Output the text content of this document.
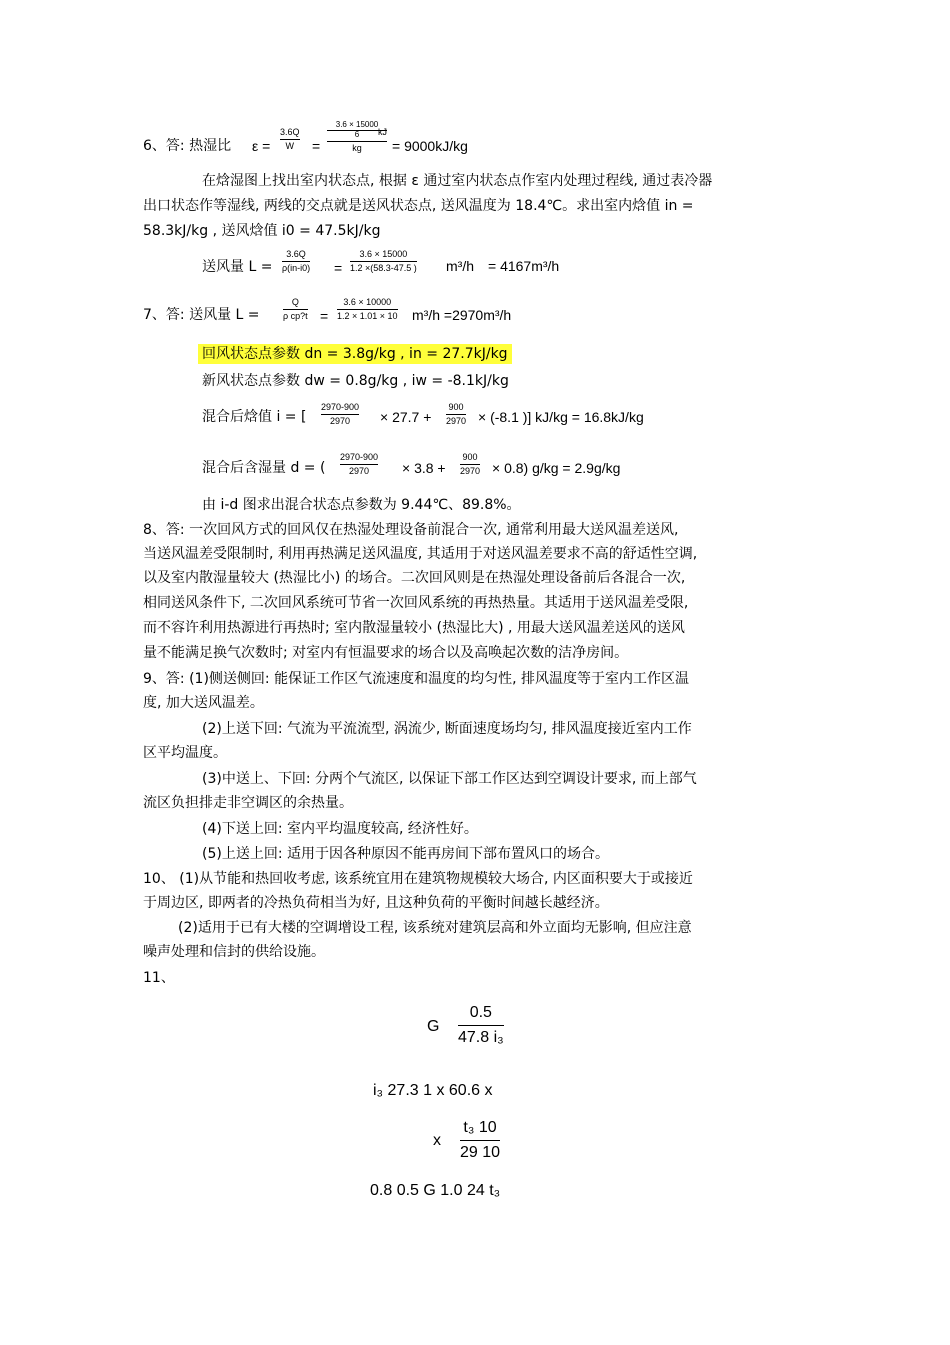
6、答: 热湿比 ε =
3.6Q
W	=
3.6 × 15000
6
kg
kJ
= 9000kJ/kg
在焓湿图上找出室内状态点, 根据 ε 通过室内状态点作室内处理过程线, 通过表冷器
出口状态作等湿线, 两线的交点就是送风状态点, 送风温度为 18.4℃。求出室内焓值 in =
58.3kJ/kg , 送风焓值 i0 = 47.5kJ/kg
送风量 L =
3.6Q
ρ(in-i0) =
3.6 × 15000
1.2 ×(58.3-47.5 ) m³/h = 4167m³/h
7、答: 送风量 L =
Q
ρ cp?t =
3.6 × 10000
1.2 × 1.01 × 10 m³/h =2970m³/h
回风状态点参数 dn = 3.8g/kg , in = 27.7kJ/kg
新风状态点参数 dw = 0.8g/kg , iw = -8.1kJ/kg
混合后焓值 i = [
2970-900
2970	× 27.7 +
900
2970 × (-8.1 )] kJ/kg = 16.8kJ/kg
混合后含湿量 d = (
2970-900
2970	× 3.8 +
900
2970 × 0.8) g/kg = 2.9g/kg
由 i-d 图求出混合状态点参数为 9.44℃、89.8%。
8、答: 一次回风方式的回风仅在热湿处理设备前混合一次, 通常利用最大送风温差送风,
当送风温差受限制时, 利用再热满足送风温度, 其适用于对送风温差要求不高的舒适性空调,
以及室内散湿量较大 (热湿比小) 的场合。二次回风则是在热湿处理设备前后各混合一次,
相同送风条件下, 二次回风系统可节省一次回风系统的再热热量。其适用于送风温差受限,
而不容许利用热源进行再热时; 室内散湿量较小 (热湿比大) , 用最大送风温差送风的送风
量不能满足换气次数时; 对室内有恒温要求的场合以及高唤起次数的洁净房间。
9、答: (1)侧送侧回: 能保证工作区气流速度和温度的均匀性, 排风温度等于室内工作区温
度, 加大送风温差。
(2)上送下回: 气流为平流流型, 涡流少, 断面速度场均匀, 排风温度接近室内工作
区平均温度。
(3)中送上、下回: 分两个气流区, 以保证下部工作区达到空调设计要求, 而上部气
流区负担排走非空调区的余热量。
(4)下送上回: 室内平均温度较高, 经济性好。
(5)上送上回: 适用于因各种原因不能再房间下部布置风口的场合。
10、 (1)从节能和热回收考虑, 该系统宜用在建筑物规模较大场合, 内区面积要大于或接近
于周边区, 即两者的冷热负荷相当为好, 且这种负荷的平衡时间越长越经济。
(2)适用于已有大楼的空调增设工程, 该系统对建筑层高和外立面均无影响, 但应注意
噪声处理和信封的供给设施。
11、
G
0.5
47.8 i₃
i₃ 27.3 1 x 60.6 x
x
t₃ 10
29 10
0.8 0.5 G 1.0 24 t₃
